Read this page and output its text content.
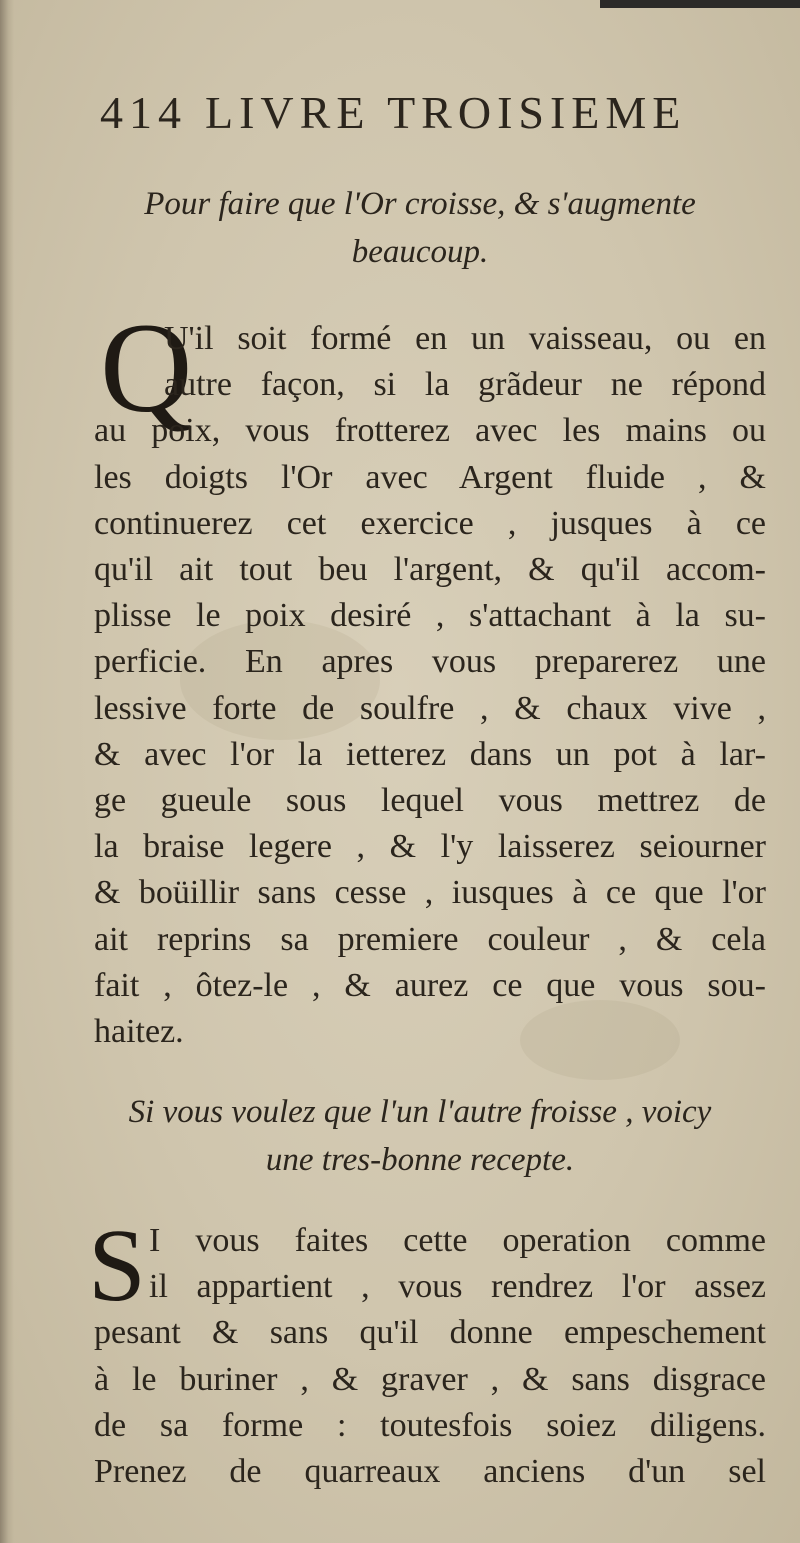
414 LIVRE TROISIEME
Pour faire que l'Or croisse, & s'augmente
beaucoup.
Q
U'il soit formé en un vaisseau, ou en
autre façon, si la grãdeur ne répond
au poix, vous frotterez avec les mains ou
les doigts l'Or avec Argent fluide , &
continuerez cet exercice , jusques à ce
qu'il ait tout beu l'argent, & qu'il accom-
plisse le poix desiré , s'attachant à la su-
perficie. En apres vous preparerez une
lessive forte de soulfre , & chaux vive ,
& avec l'or la ietterez dans un pot à lar-
ge gueule sous lequel vous mettrez de
la braise legere , & l'y laisserez seiourner
& boüillir sans cesse , iusques à ce que l'or
ait reprins sa premiere couleur , & cela
fait , ôtez-le , & aurez ce que vous sou-
haitez.
Si vous voulez que l'un l'autre froisse , voicy
une tres-bonne recepte.
S I vous faites cette operation comme
il appartient , vous rendrez l'or assez
pesant & sans qu'il donne empeschement
à le buriner , & graver , & sans disgrace
de sa forme : toutesfois soiez diligens.
Prenez de quarreaux anciens d'un sel
